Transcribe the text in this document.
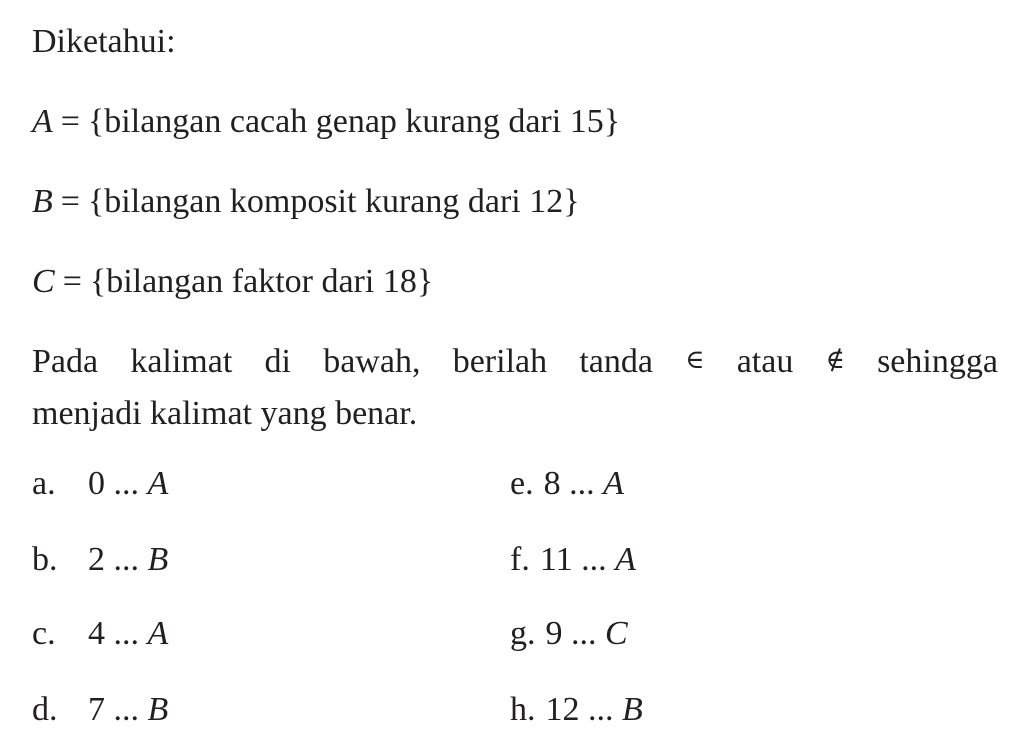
Diketahui:
A = {bilangan cacah genap kurang dari 15}
B = {bilangan komposit kurang dari 12}
C = {bilangan faktor dari 18}
Pada kalimat di bawah, berilah tanda ∈ atau ∉ sehingga
menjadi kalimat yang benar.
a. 0 ... A
b. 2 ... B
c. 4 ... A
d. 7 ... B
e. 8 ... A
f. 11 ... A
g. 9 ... C
h. 12 ... B
